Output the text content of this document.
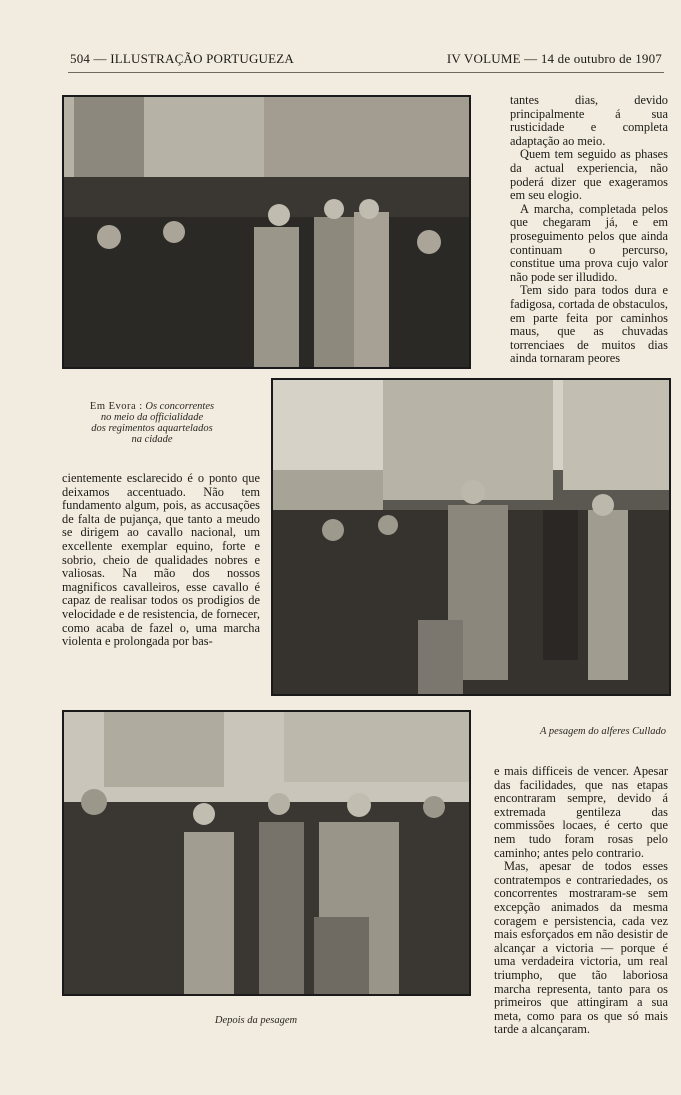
504 — ILLUSTRAÇÃO PORTUGUEZA	IV VOLUME — 14 de outubro de 1907

tantes dias, devido principalmente á sua rusticidade e completa adaptação ao meio.

Quem tem seguido as phases da actual experiencia, não poderá dizer que exageramos em seu elogio.

A marcha, completada pelos que chegaram já, e em proseguimento pelos que ainda continuam o percurso, constitue uma prova cujo valor não pode ser illudido.

Tem sido para todos dura e fadigosa, cortada de obstaculos, em parte feita por caminhos maus, que as chuvadas torrenciaes de muitos dias ainda tornaram peores

Em Evora : Os concorrentes
no meio da officialidade
dos regimentos aquartelados
na cidade

cientemente esclarecido é o ponto que deixamos accentuado. Não tem fundamento algum, pois, as accusações de falta de pujança, que tanto a meudo se dirigem ao cavallo nacional, um excellente exemplar equino, forte e sobrio, cheio de qualidades nobres e valiosas. Na mão dos nossos magnificos cavalleiros, esse cavallo é capaz de realisar todos os prodigios de velocidade e de resistencia, de fornecer, como acaba de fazel o, uma marcha violenta e prolongada por bas-

A pesagem do alferes Cullado

e mais difficeis de vencer. Apesar das facilidades, que nas etapas encontraram sempre, devido á extremada gentileza das commissões locaes, é certo que nem tudo foram rosas pelo caminho; antes pelo contrario.

Mas, apesar de todos esses contratempos e contrariedades, os concorrentes mostraram-se sem excepção animados da mesma coragem e persistencia, cada vez mais esforçados em não desistir de alcançar a victoria — porque é uma verdadeira victoria, um real triumpho, que tão laboriosa marcha representa, tanto para os primeiros que attingiram a sua meta, como para os que só mais tarde a alcançaram.

Depois da pesagem
